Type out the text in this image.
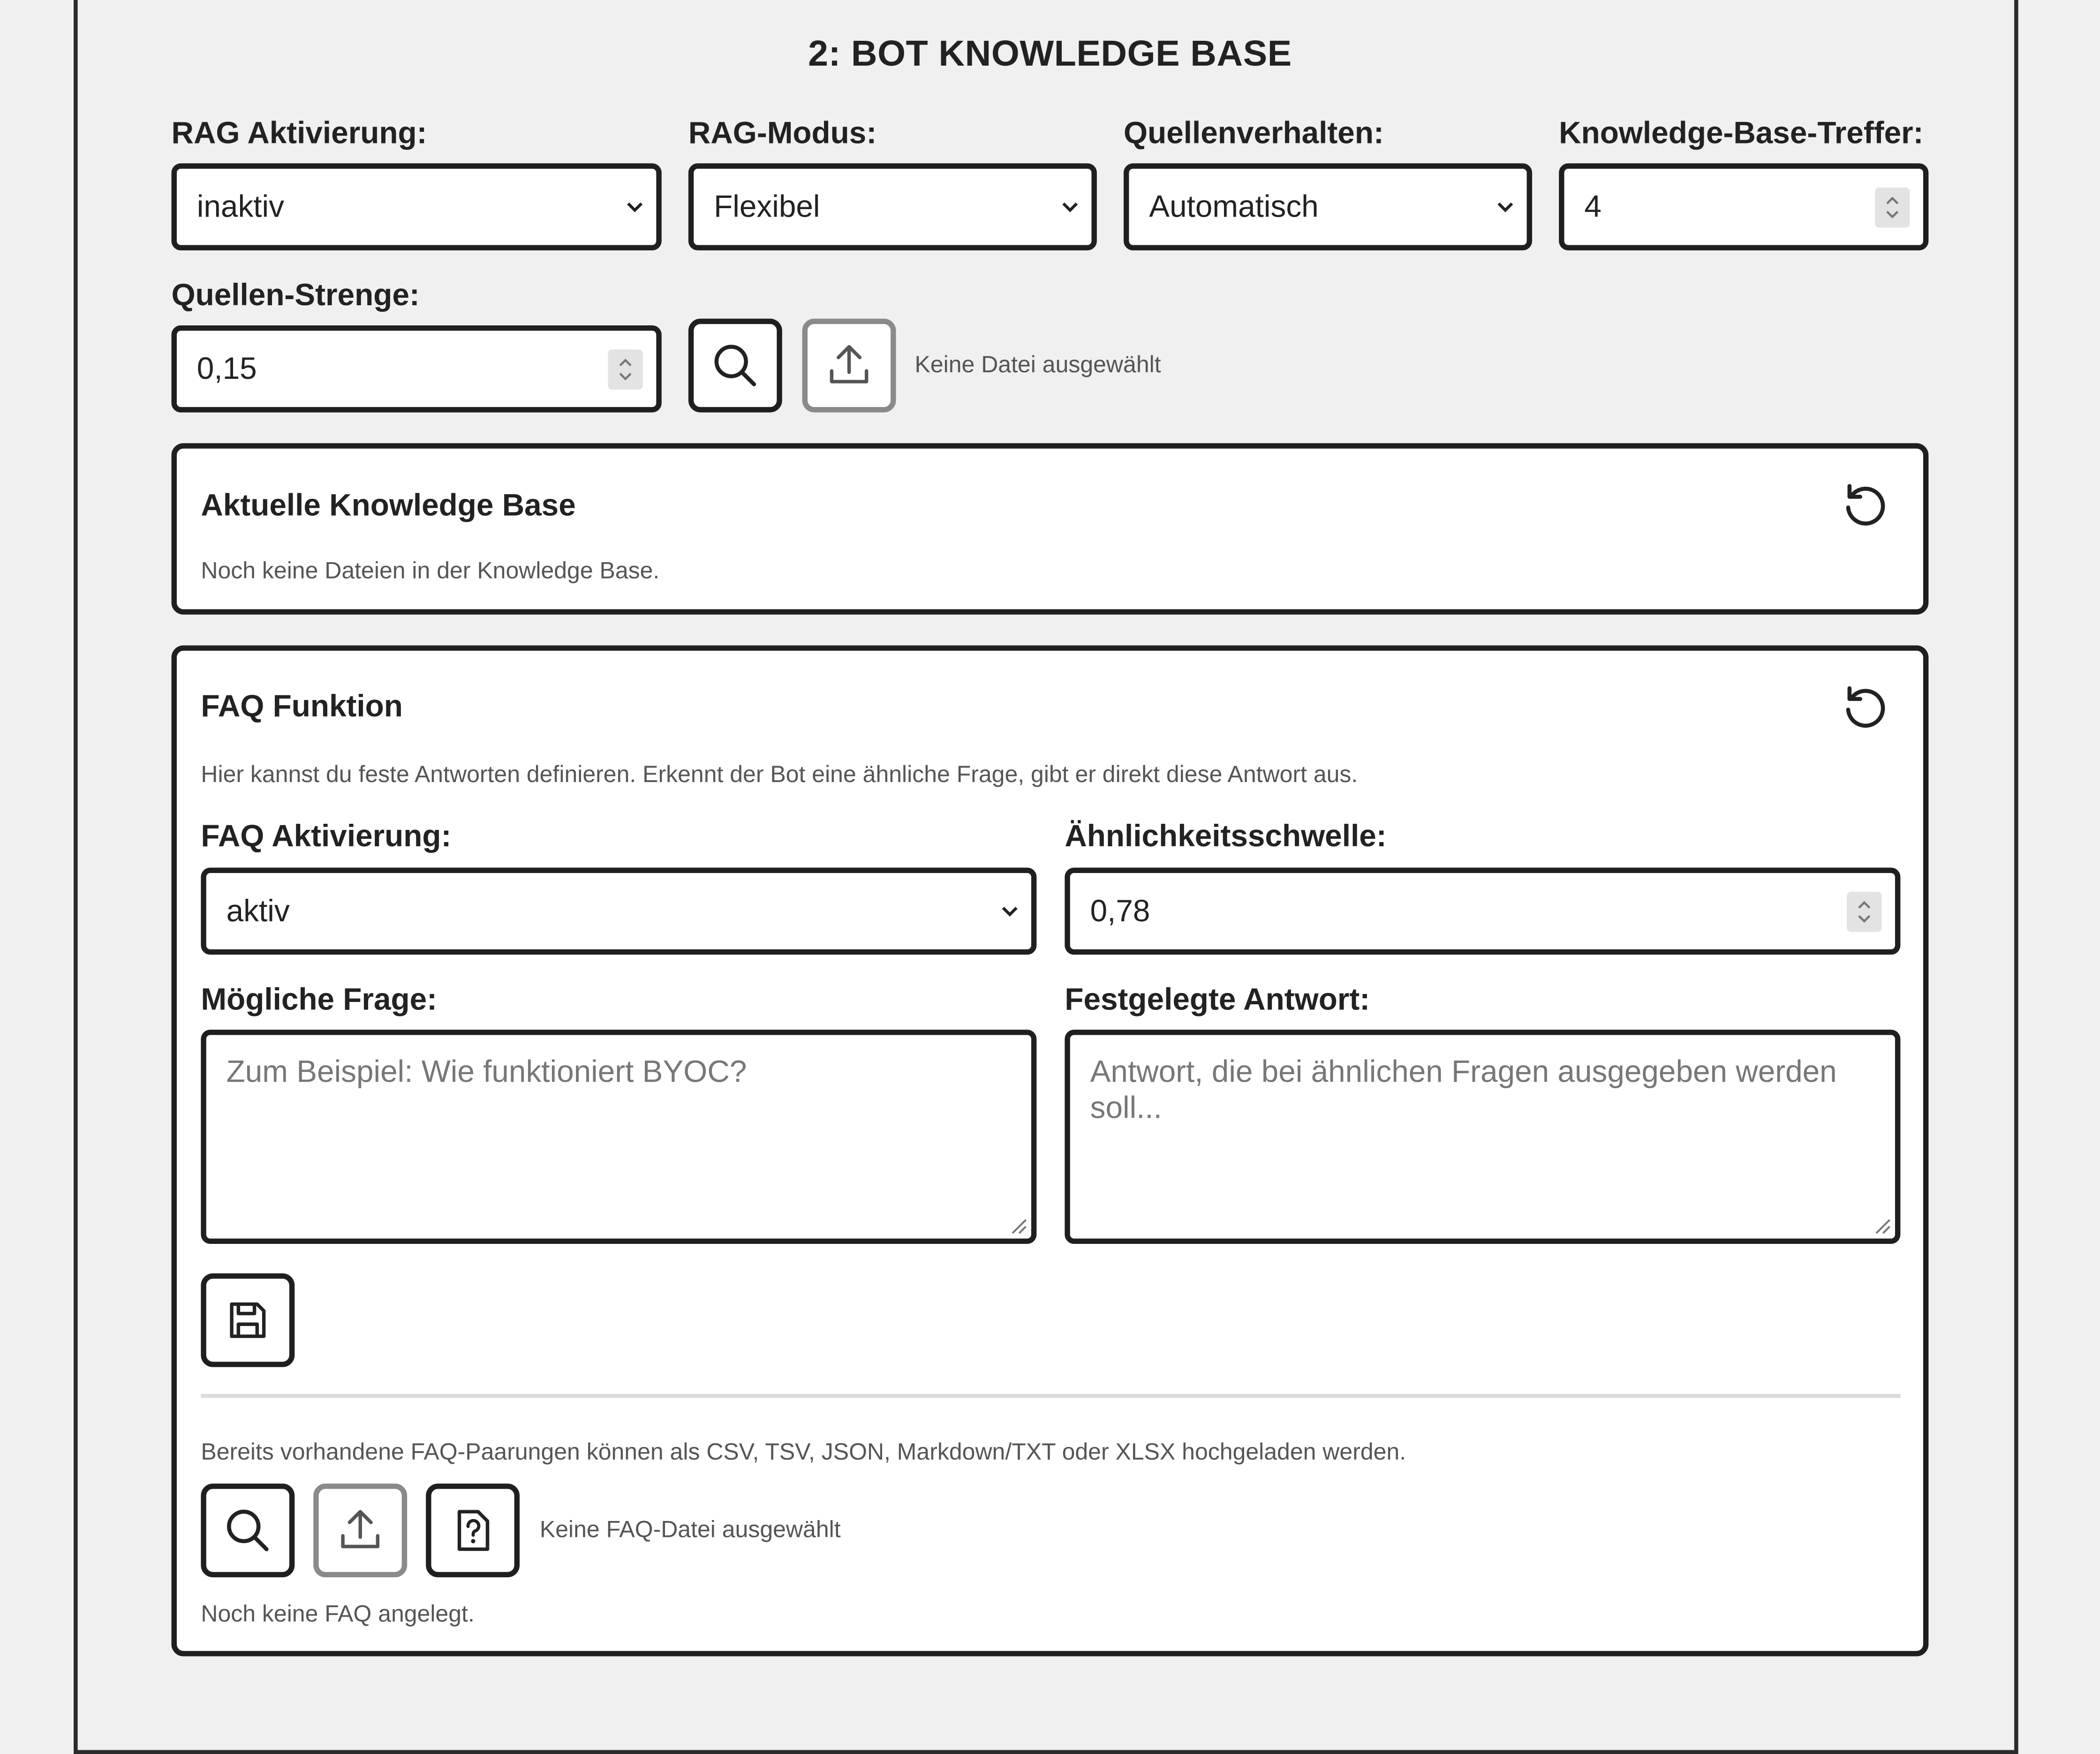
2: BOT KNOWLEDGE BASE
RAG Aktivierung:	RAG-Modus:	Quellenverhalten:	Knowledge-Base-Treffer:
inaktiv	Flexibel	Automatisch	4
Quellen-Strenge:
0,15	Keine Datei ausgewählt
Aktuelle Knowledge Base
Noch keine Dateien in der Knowledge Base.
FAQ Funktion
Hier kannst du feste Antworten definieren. Erkennt der Bot eine ähnliche Frage, gibt er direkt diese Antwort aus.
FAQ Aktivierung:	Ähnlichkeitsschwelle:
aktiv	0,78
Mögliche Frage:	Festgelegte Antwort:
Zum Beispiel: Wie funktioniert BYOC?	Antwort, die bei ähnlichen Fragen ausgegeben werden soll...
Bereits vorhandene FAQ-Paarungen können als CSV, TSV, JSON, Markdown/TXT oder XLSX hochgeladen werden.
Keine FAQ-Datei ausgewählt
Noch keine FAQ angelegt.
